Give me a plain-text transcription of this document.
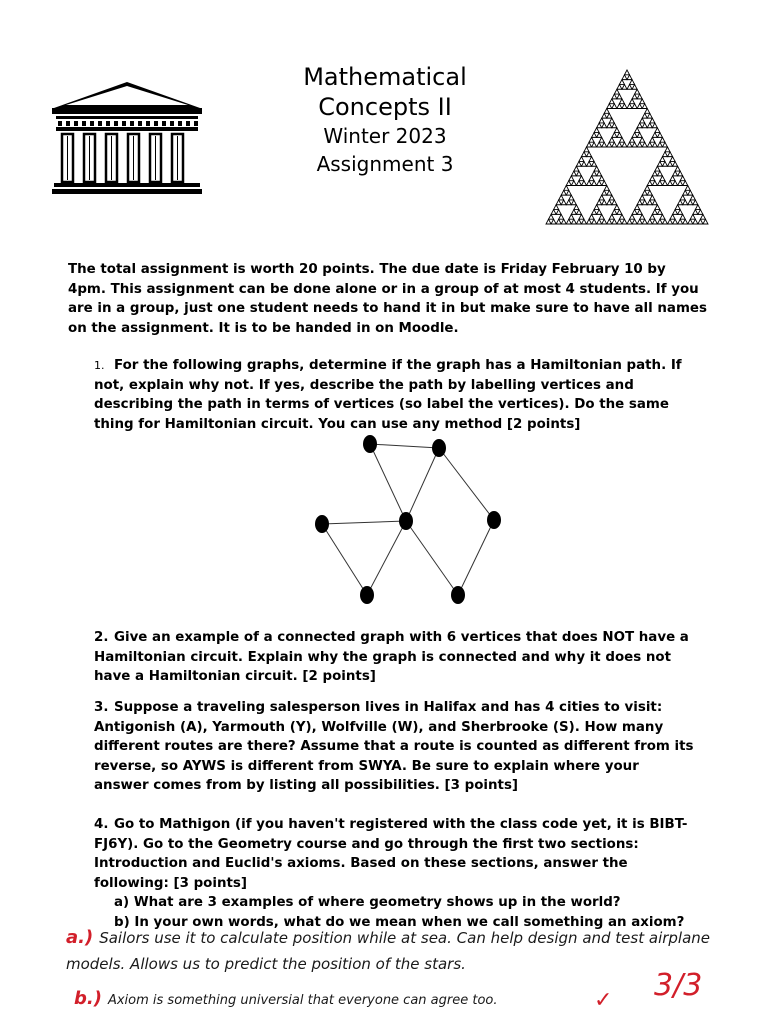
Mathematical
Concepts II
Winter 2023
Assignment 3
The total assignment is worth 20 points. The due date is Friday February 10 by 4pm. This assignment can be done alone or in a group of at most 4 students. If you are in a group, just one student needs to hand it in but make sure to have all names on the assignment. It is to be handed in on Moodle.
1. For the following graphs, determine if the graph has a Hamiltonian path. If not, explain why not. If yes, describe the path by labelling vertices and describing the path in terms of vertices (so label the vertices). Do the same thing for Hamiltonian circuit. You can use any method [2 points]
2. Give an example of a connected graph with 6 vertices that does NOT have a Hamiltonian circuit. Explain why the graph is connected and why it does not have a Hamiltonian circuit. [2 points]
3. Suppose a traveling salesperson lives in Halifax and has 4 cities to visit: Antigonish (A), Yarmouth (Y), Wolfville (W), and Sherbrooke (S). How many different routes are there? Assume that a route is counted as different from its reverse, so AYWS is different from SWYA. Be sure to explain where your answer comes from by listing all possibilities. [3 points]
4. Go to Mathigon (if you haven't registered with the class code yet, it is BIBT-FJ6Y). Go to the Geometry course and go through the first two sections: Introduction and Euclid's axioms. Based on these sections, answer the following: [3 points]
a) What are 3 examples of where geometry shows up in the world?
b) In your own words, what do we mean when we call something an axiom?
a.) Sailors use it to calculate position while at sea. Can help design and test airplane models. Allows us to predict the position of the stars.
b.) Axiom is something universial that everyone can agree too.	✓ 3/3
